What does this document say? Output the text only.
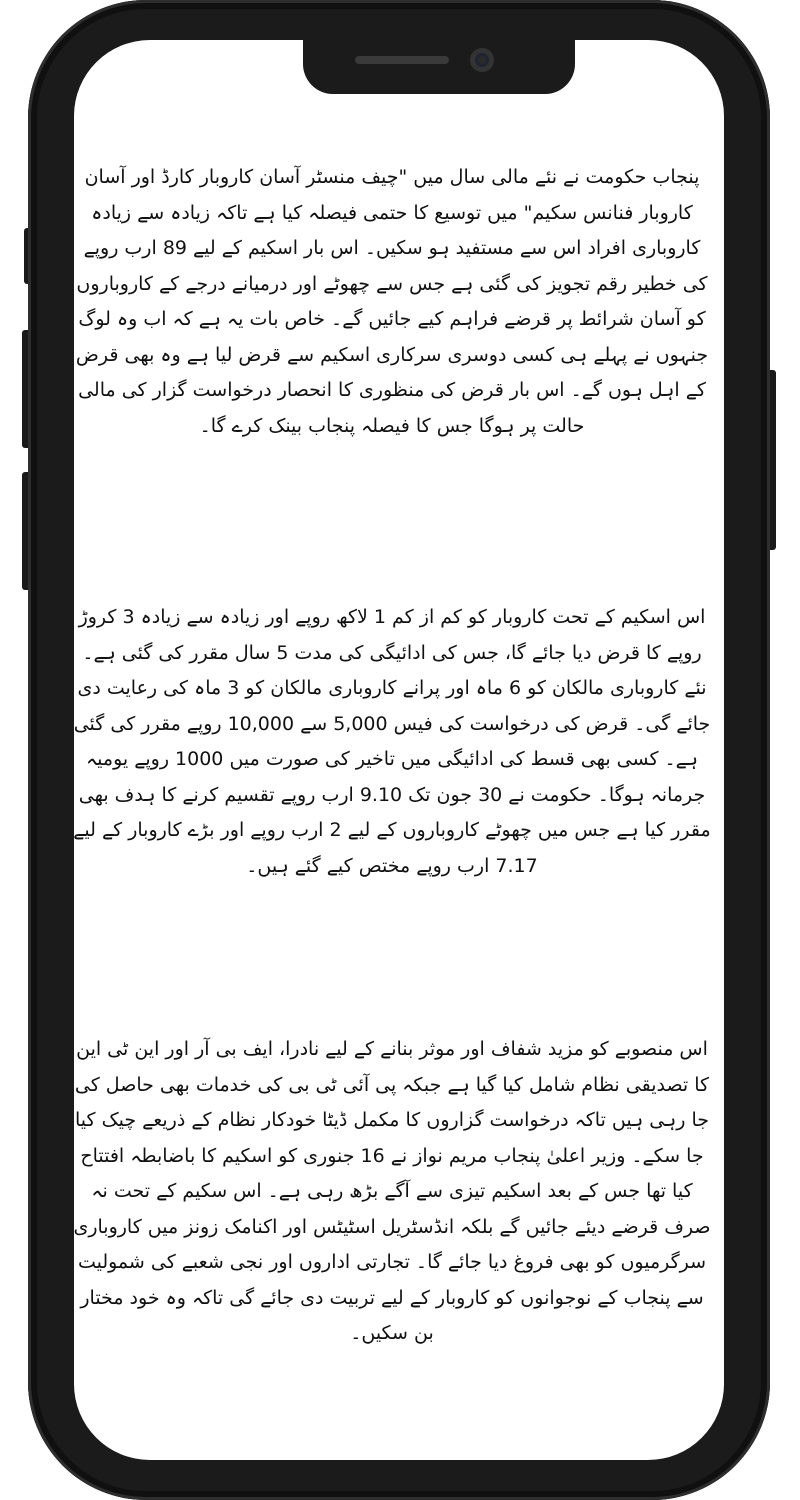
پنجاب حکومت نے نئے مالی سال میں "چیف منسٹر آسان کاروبار کارڈ اور آسان کاروبار فنانس سکیم" میں توسیع کا حتمی فیصلہ کیا ہے تاکہ زیادہ سے زیادہ کاروباری افراد اس سے مستفید ہو سکیں۔ اس بار اسکیم کے لیے 89 ارب روپے کی خطیر رقم تجویز کی گئی ہے جس سے چھوٹے اور درمیانے درجے کے کاروباروں کو آسان شرائط پر قرضے فراہم کیے جائیں گے۔ خاص بات یہ ہے کہ اب وہ لوگ جنہوں نے پہلے ہی کسی دوسری سرکاری اسکیم سے قرض لیا ہے وہ بھی قرض کے اہل ہوں گے۔ اس بار قرض کی منظوری کا انحصار درخواست گزار کی مالی حالت پر ہوگا جس کا فیصلہ پنجاب بینک کرے گا۔

اس اسکیم کے تحت کاروبار کو کم از کم 1 لاکھ روپے اور زیادہ سے زیادہ 3 کروڑ روپے کا قرض دیا جائے گا، جس کی ادائیگی کی مدت 5 سال مقرر کی گئی ہے۔ نئے کاروباری مالکان کو 6 ماہ اور پرانے کاروباری مالکان کو 3 ماہ کی رعایت دی جائے گی۔ قرض کی درخواست کی فیس 5,000 سے 10,000 روپے مقرر کی گئی ہے۔ کسی بھی قسط کی ادائیگی میں تاخیر کی صورت میں 1000 روپے یومیہ جرمانہ ہوگا۔ حکومت نے 30 جون تک 9.10 ارب روپے تقسیم کرنے کا ہدف بھی مقرر کیا ہے جس میں چھوٹے کاروباروں کے لیے 2 ارب روپے اور بڑے کاروبار کے لیے 7.17 ارب روپے مختص کیے گئے ہیں۔

اس منصوبے کو مزید شفاف اور موثر بنانے کے لیے نادرا، ایف بی آر اور این ٹی این کا تصدیقی نظام شامل کیا گیا ہے جبکہ پی آئی ٹی بی کی خدمات بھی حاصل کی جا رہی ہیں تاکہ درخواست گزاروں کا مکمل ڈیٹا خودکار نظام کے ذریعے چیک کیا جا سکے۔ وزیر اعلیٰ پنجاب مریم نواز نے 16 جنوری کو اسکیم کا باضابطہ افتتاح کیا تھا جس کے بعد اسکیم تیزی سے آگے بڑھ رہی ہے۔ اس سکیم کے تحت نہ صرف قرضے دیئے جائیں گے بلکہ انڈسٹریل اسٹیٹس اور اکنامک زونز میں کاروباری سرگرمیوں کو بھی فروغ دیا جائے گا۔ تجارتی اداروں اور نجی شعبے کی شمولیت سے پنجاب کے نوجوانوں کو کاروبار کے لیے تربیت دی جائے گی تاکہ وہ خود مختار بن سکیں۔
